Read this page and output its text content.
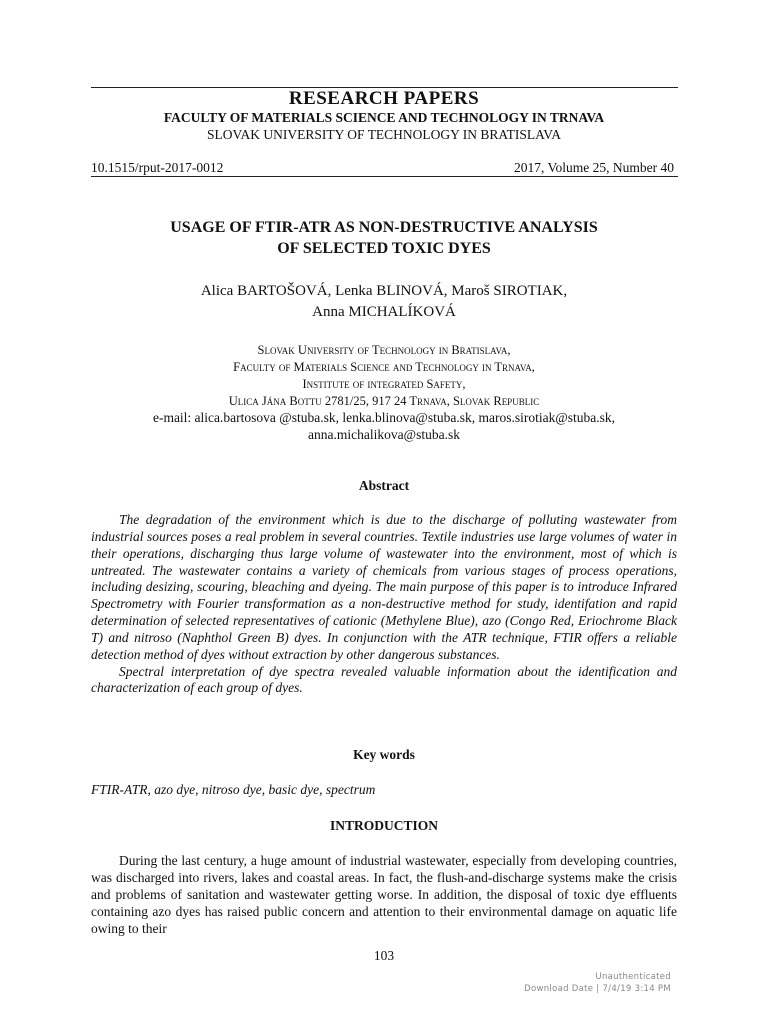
RESEARCH PAPERS
FACULTY OF MATERIALS SCIENCE AND TECHNOLOGY IN TRNAVA
SLOVAK UNIVERSITY OF TECHNOLOGY IN BRATISLAVA
10.1515/rput-2017-0012	2017, Volume 25, Number 40
USAGE OF FTIR-ATR AS NON-DESTRUCTIVE ANALYSIS
OF SELECTED TOXIC DYES
Alica BARTOŠOVÁ, Lenka BLINOVÁ, Maroš SIROTIAK,
Anna MICHALÍKOVÁ
Slovak University of Technology in Bratislava,
Faculty of Materials Science and Technology in Trnava,
Institute of integrated Safety,
Ulica Jána Bottu 2781/25, 917 24 Trnava, Slovak Republic
e-mail: alica.bartosova @stuba.sk, lenka.blinova@stuba.sk, maros.sirotiak@stuba.sk,
anna.michalikova@stuba.sk
Abstract

The degradation of the environment which is due to the discharge of polluting wastewater from industrial sources poses a real problem in several countries. Textile industries use large volumes of water in their operations, discharging thus large volume of wastewater into the environment, most of which is untreated. The wastewater contains a variety of chemicals from various stages of process operations, including desizing, scouring, bleaching and dyeing. The main purpose of this paper is to introduce Infrared Spectrometry with Fourier transformation as a non-destructive method for study, identifation and rapid determination of selected representatives of cationic (Methylene Blue), azo (Congo Red, Eriochrome Black T) and nitroso (Naphthol Green B) dyes. In conjunction with the ATR technique, FTIR offers a reliable detection method of dyes without extraction by other dangerous substances.

Spectral interpretation of dye spectra revealed valuable information about the identification and characterization of each group of dyes.

Key words
FTIR-ATR, azo dye, nitroso dye, basic dye, spectrum
INTRODUCTION

During the last century, a huge amount of industrial wastewater, especially from developing countries, was discharged into rivers, lakes and coastal areas. In fact, the flush-and-discharge systems make the crisis and problems of sanitation and wastewater getting worse. In addition, the disposal of toxic dye effluents containing azo dyes has raised public concern and attention to their environmental damage on aquatic life owing to their

103
Unauthenticated
Download Date | 7/4/19 3:14 PM
